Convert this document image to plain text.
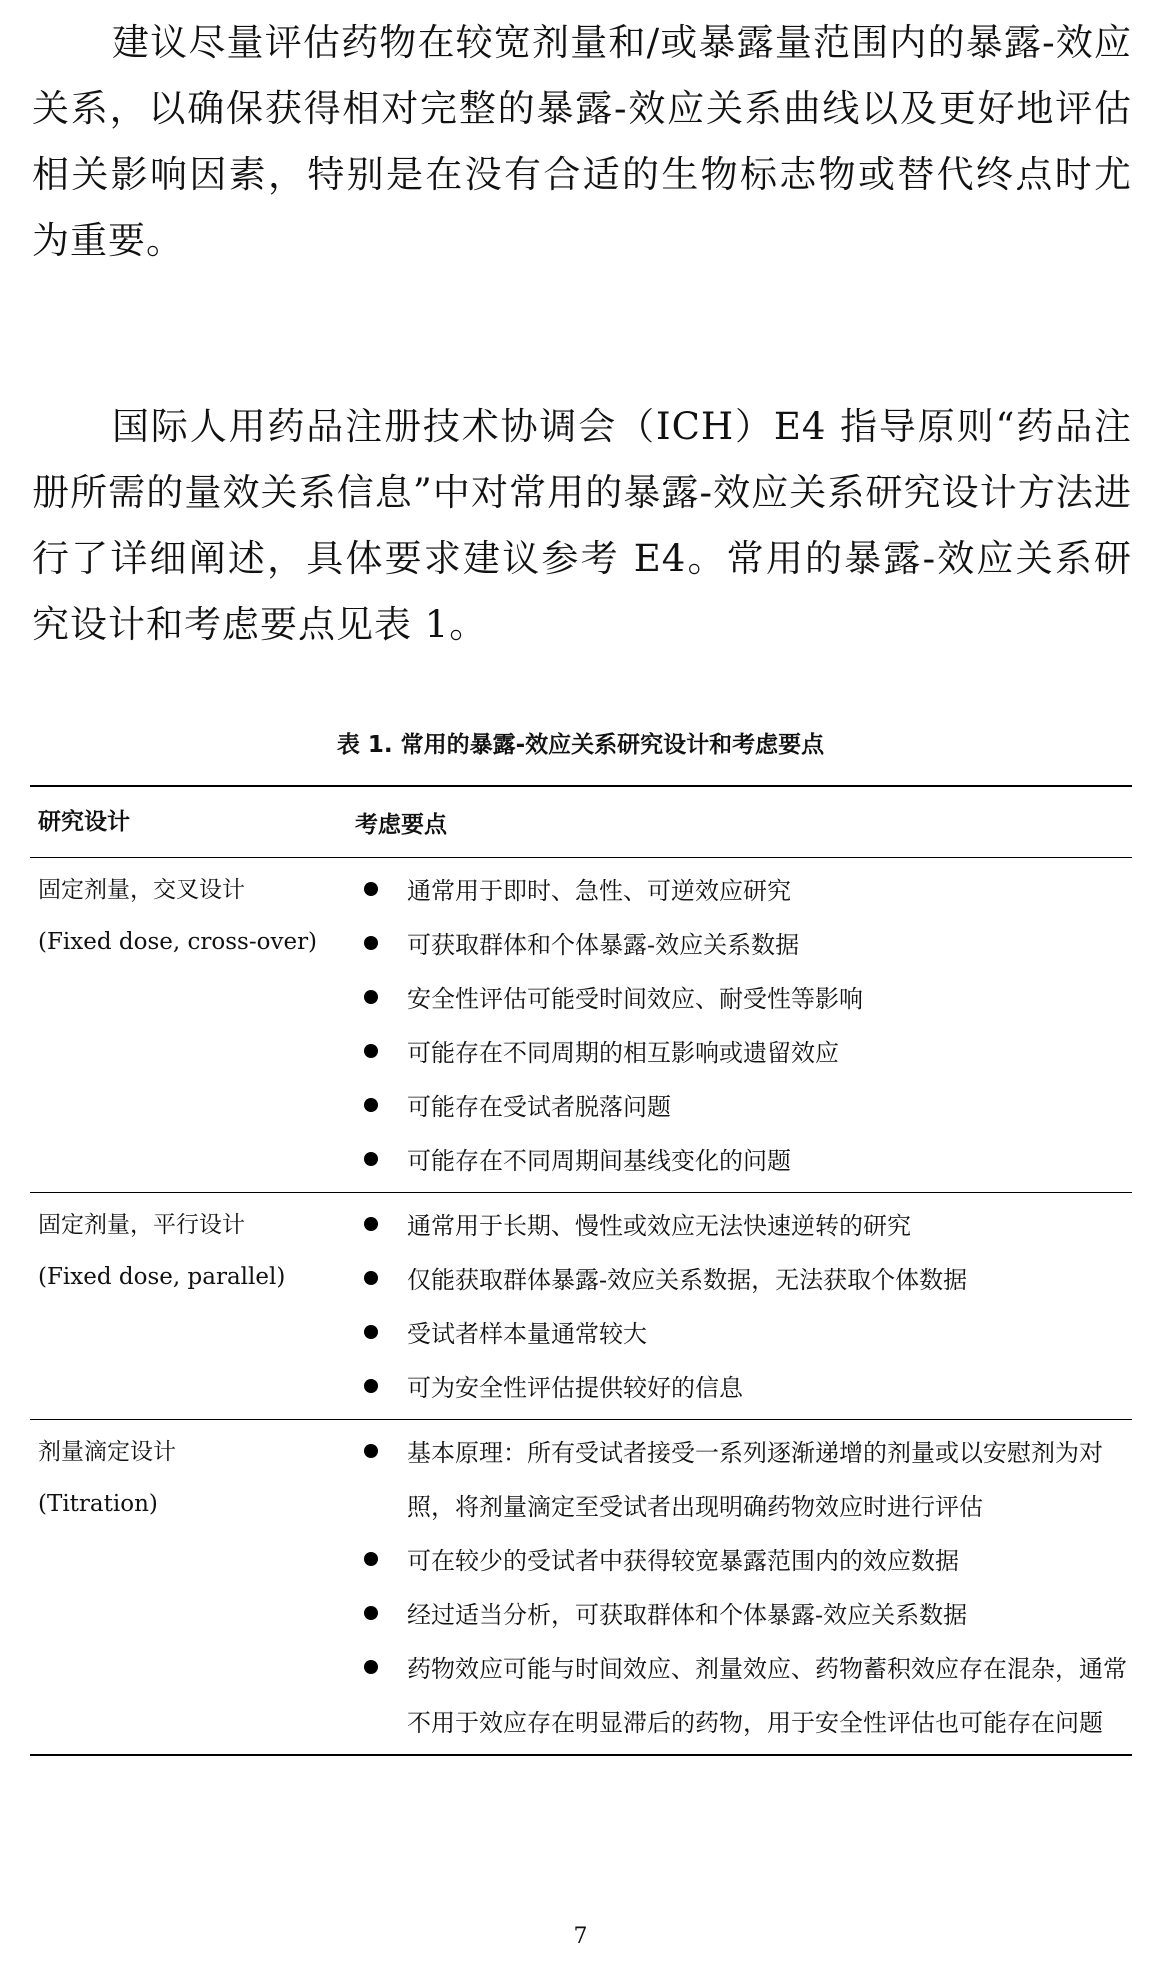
建议尽量评估药物在较宽剂量和/或暴露量范围内的暴露-效应关系，以确保获得相对完整的暴露-效应关系曲线以及更好地评估相关影响因素，特别是在没有合适的生物标志物或替代终点时尤为重要。

国际人用药品注册技术协调会（ICH）E4 指导原则“药品注册所需的量效关系信息”中对常用的暴露-效应关系研究设计方法进行了详细阐述，具体要求建议参考 E4。常用的暴露-效应关系研究设计和考虑要点见表 1。

表 1. 常用的暴露-效应关系研究设计和考虑要点
研究设计	考虑要点
固定剂量，交叉设计
(Fixed dose, cross-over)
通常用于即时、急性、可逆效应研究
可获取群体和个体暴露-效应关系数据
安全性评估可能受时间效应、耐受性等影响
可能存在不同周期的相互影响或遗留效应
可能存在受试者脱落问题
可能存在不同周期间基线变化的问题
固定剂量，平行设计
(Fixed dose, parallel)
通常用于长期、慢性或效应无法快速逆转的研究
仅能获取群体暴露-效应关系数据，无法获取个体数据
受试者样本量通常较大
可为安全性评估提供较好的信息
剂量滴定设计
(Titration)
基本原理：所有受试者接受一系列逐渐递增的剂量或以安慰剂为对照，将剂量滴定至受试者出现明确药物效应时进行评估
可在较少的受试者中获得较宽暴露范围内的效应数据
经过适当分析，可获取群体和个体暴露-效应关系数据
药物效应可能与时间效应、剂量效应、药物蓄积效应存在混杂，通常不用于效应存在明显滞后的药物，用于安全性评估也可能存在问题
7
